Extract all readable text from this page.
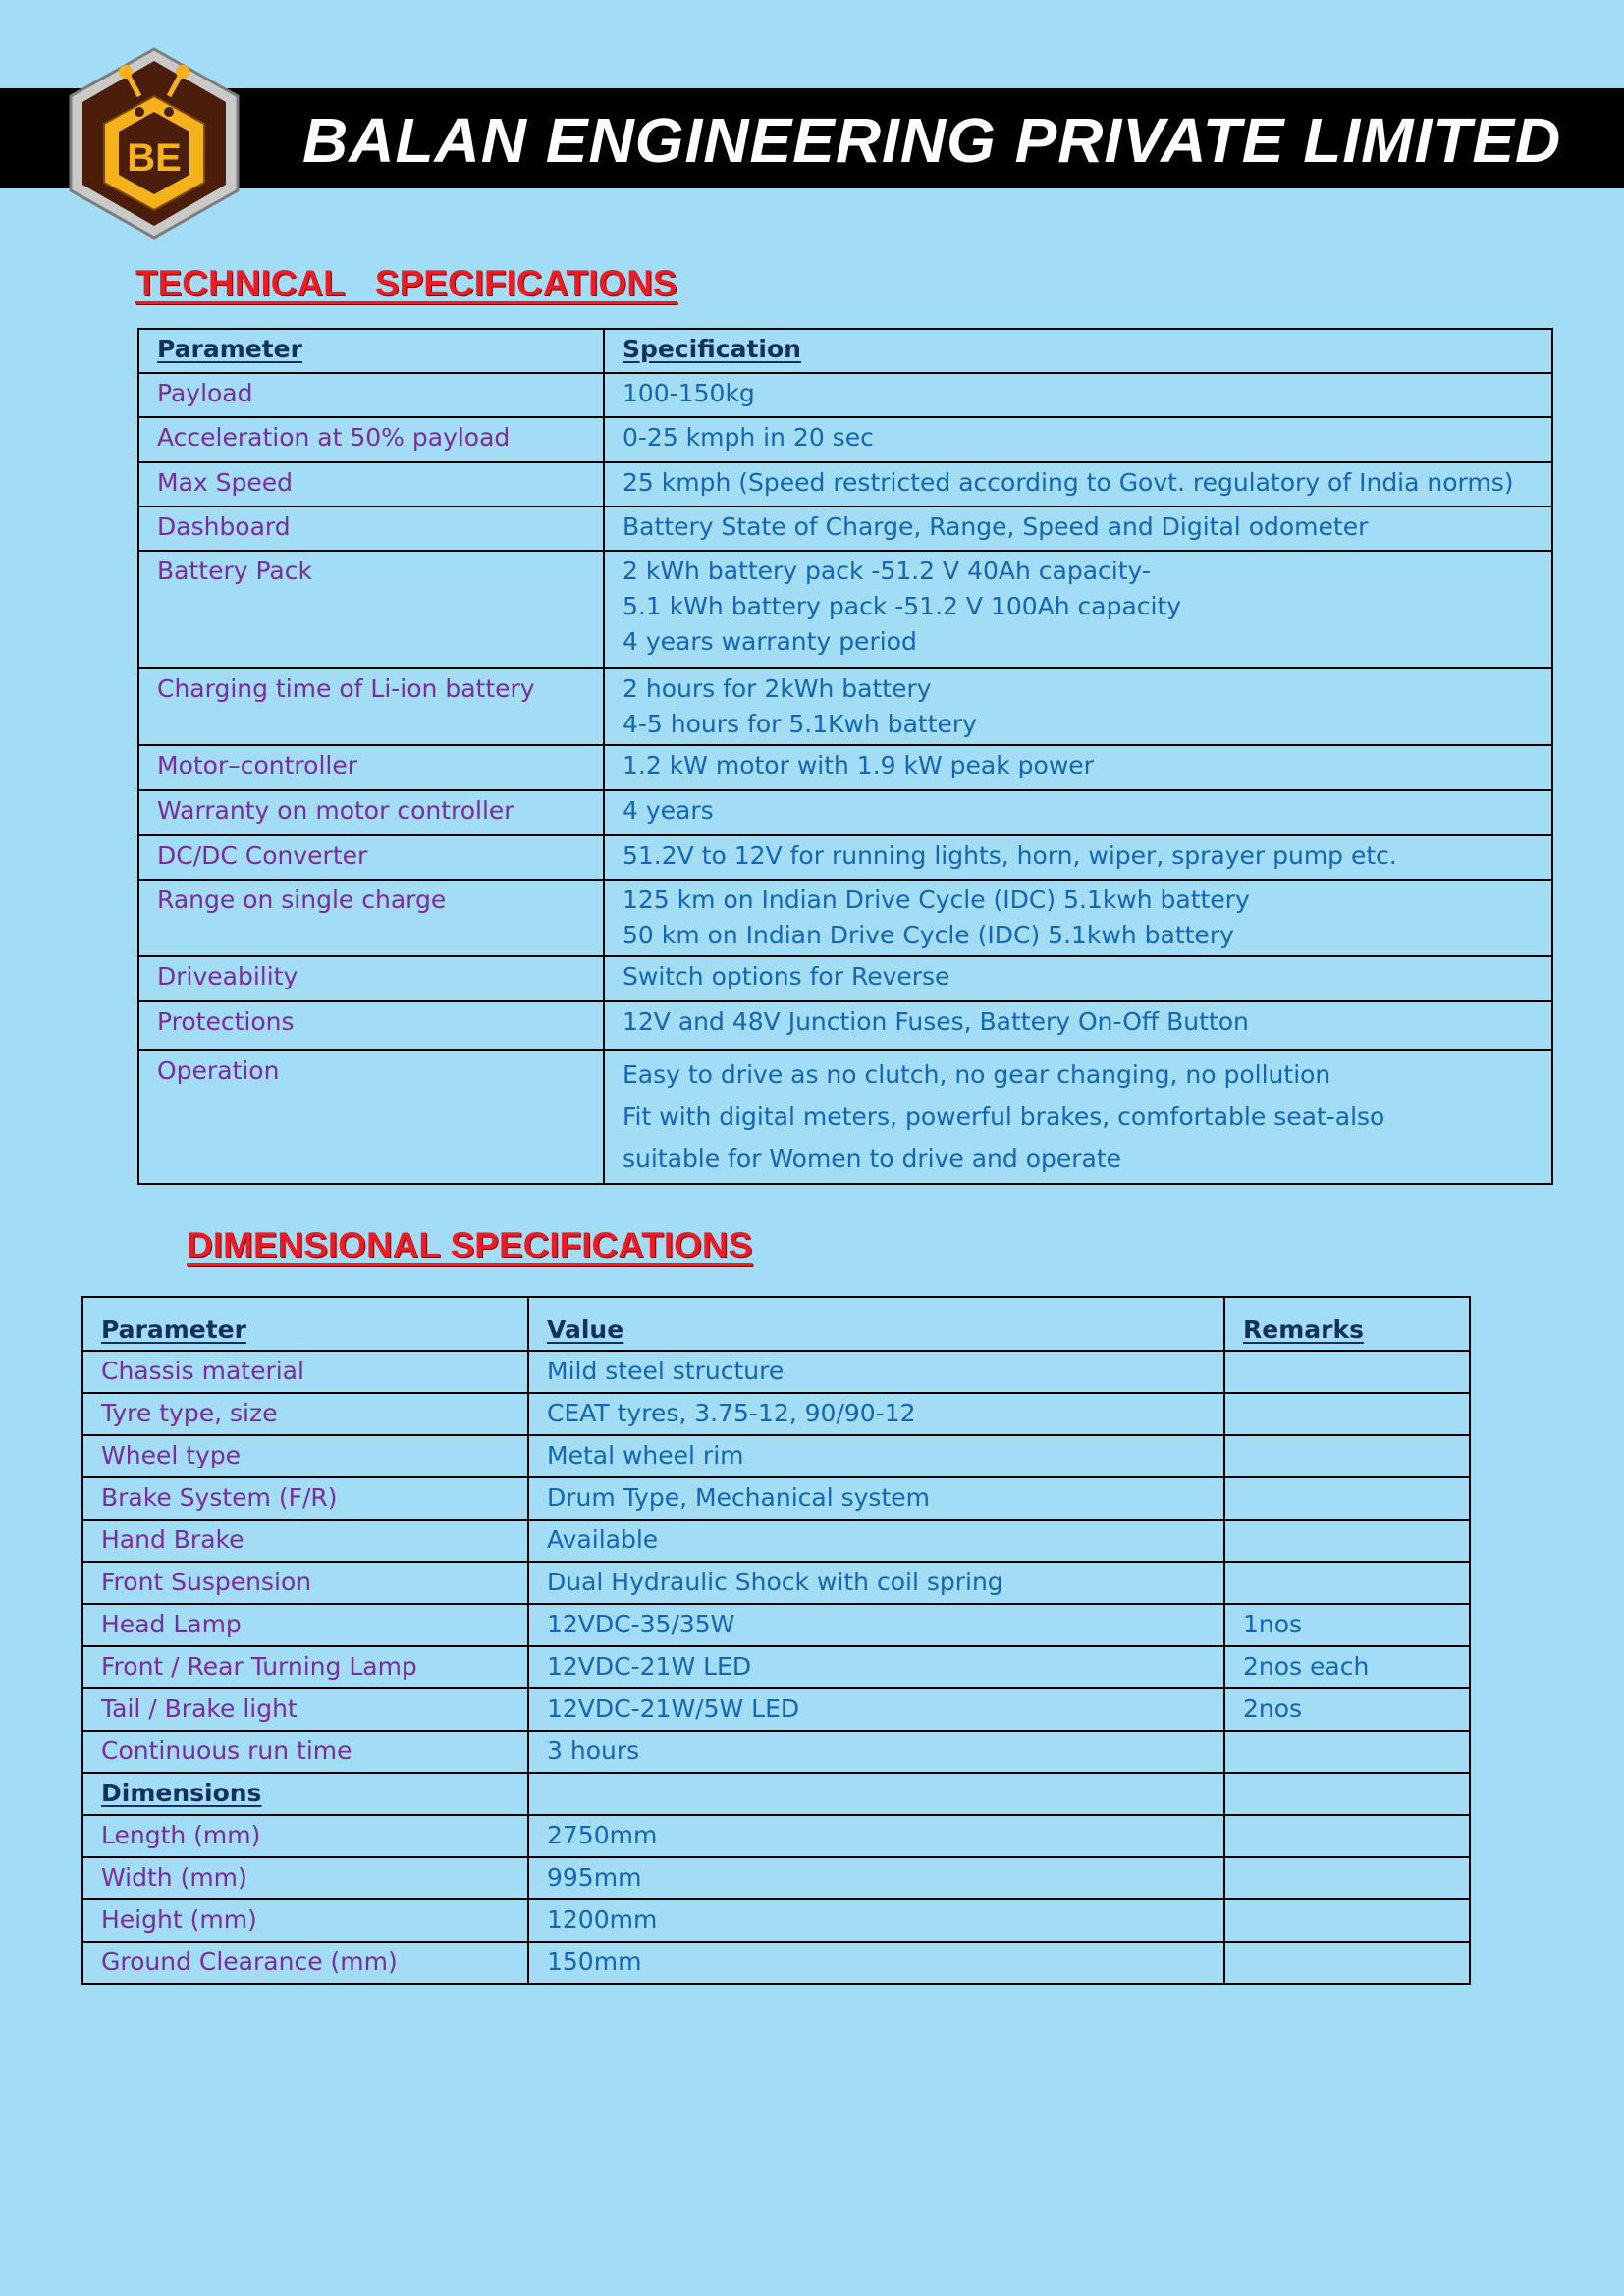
BALAN ENGINEERING PRIVATE LIMITED
BE
TECHNICAL   SPECIFICATIONS
Parameter	Specification
Payload	100-150kg

Acceleration at 50% payload	0-25 kmph in 20 sec

Max Speed	25 kmph (Speed restricted according to Govt. regulatory of India norms)

Dashboard	Battery State of Charge, Range, Speed and Digital odometer

Battery Pack	2 kWh battery pack -51.2 V 40Ah capacity-
5.1 kWh battery pack -51.2 V 100Ah capacity
4 years warranty period

Charging time of Li-ion battery	2 hours for 2kWh battery
4-5 hours for 5.1Kwh battery

Motor–controller	1.2 kW motor with 1.9 kW peak power

Warranty on motor controller	4 years

DC/DC Converter	51.2V to 12V for running lights, horn, wiper, sprayer pump etc.

Range on single charge	125 km on Indian Drive Cycle (IDC) 5.1kwh battery
50 km on Indian Drive Cycle (IDC) 5.1kwh battery

Driveability	Switch options for Reverse

Protections	12V and 48V Junction Fuses, Battery On-Off Button

Operation	Easy to drive as no clutch, no gear changing, no pollution
Fit with digital meters, powerful brakes, comfortable seat-also
suitable for Women to drive and operate
DIMENSIONAL SPECIFICATIONS
Parameter	Value	Remarks
Chassis material	Mild steel structure	
Tyre type, size	CEAT tyres, 3.75-12, 90/90-12	
Wheel type	Metal wheel rim	
Brake System (F/R)	Drum Type, Mechanical system	
Hand Brake	Available	
Front Suspension	Dual Hydraulic Shock with coil spring	
Head Lamp	12VDC-35/35W	1nos
Front / Rear Turning Lamp	12VDC-21W LED	2nos each
Tail / Brake light	12VDC-21W/5W LED	2nos
Continuous run time	3 hours	
Dimensions		
Length (mm)	2750mm	
Width (mm)	995mm	
Height (mm)	1200mm	
Ground Clearance (mm)	150mm	
